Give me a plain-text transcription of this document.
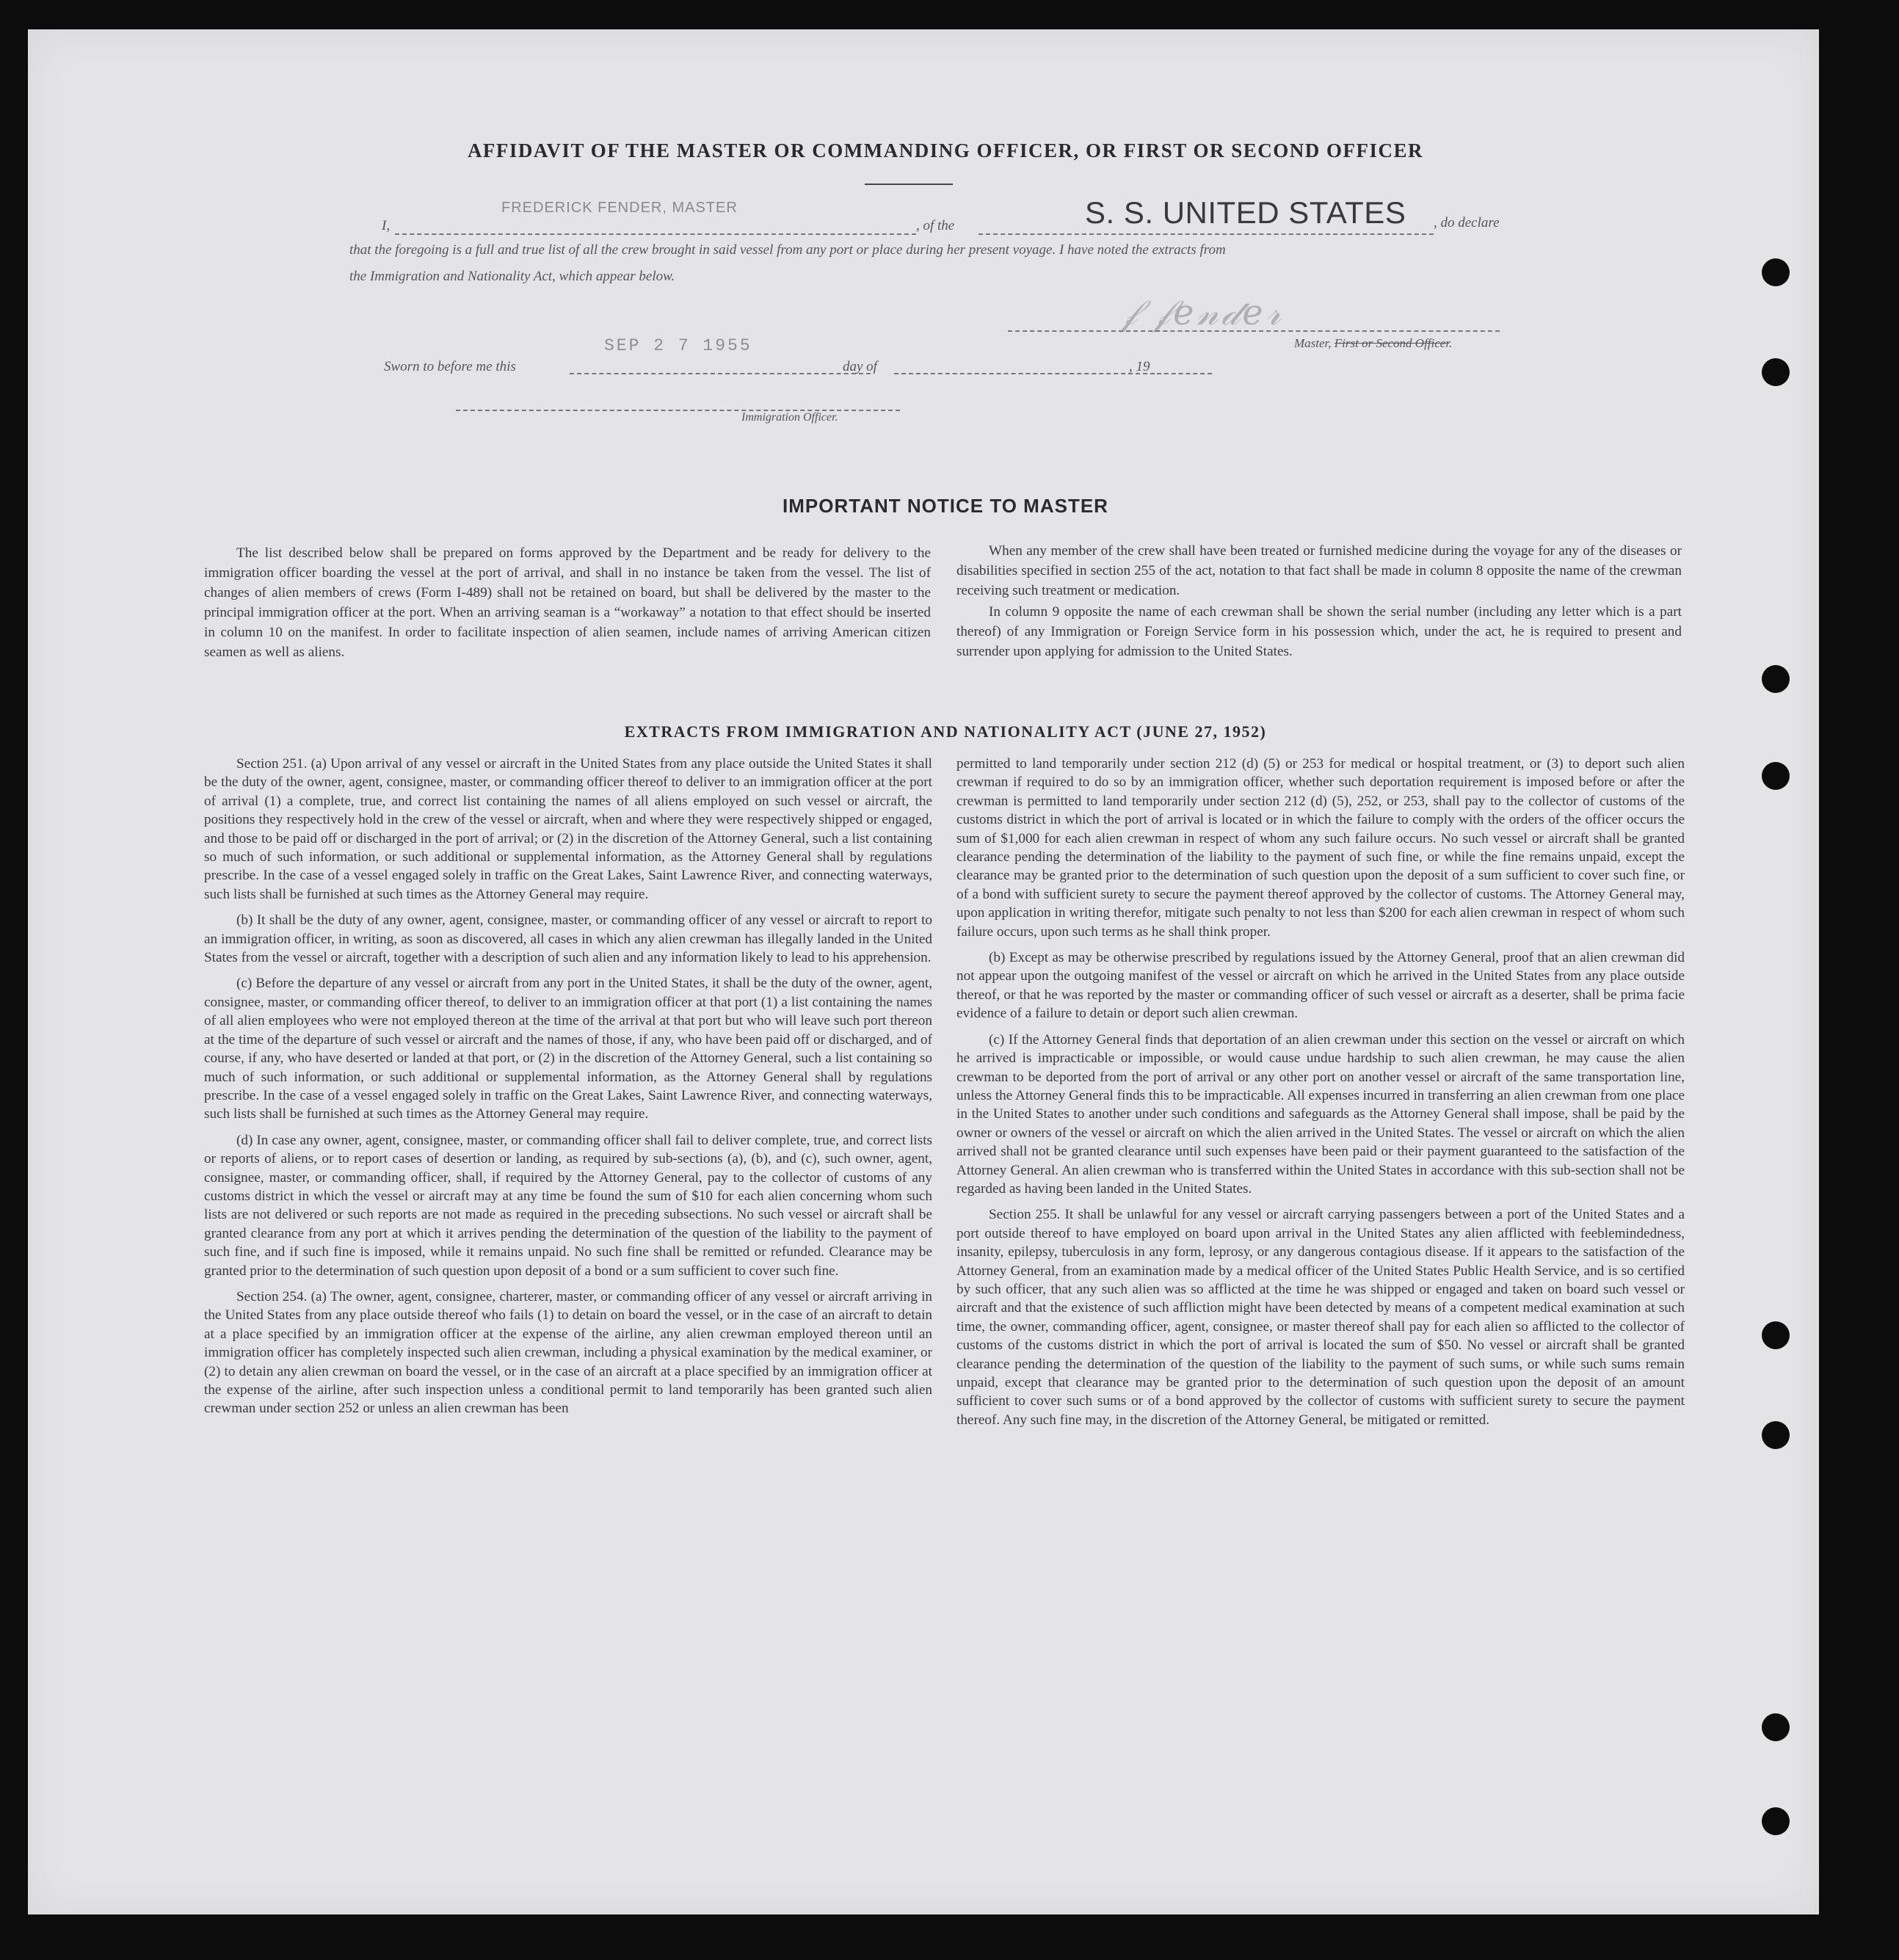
AFFIDAVIT OF THE MASTER OR COMMANDING OFFICER, OR FIRST OR SECOND OFFICER
I,
FREDERICK FENDER, MASTER
, of the	S. S. UNITED STATES , do declare
that the foregoing is a full and true list of all the crew brought in said vessel from any port or place during her present voyage. I have noted the extracts from
the Immigration and Nationality Act, which appear below.
𝒻 𝒻𝑒𝓃𝒹𝑒𝓇
Master, First or Second Officer.
Sworn to before me this
SEP 2 7 1955
day of	, 19
Immigration Officer.
IMPORTANT NOTICE TO MASTER

The list described below shall be prepared on forms approved by the Department and be ready for delivery to the immigration officer boarding the vessel at the port of arrival, and shall in no instance be taken from the vessel. The list of changes of alien members of crews (Form I-489) shall not be retained on board, but shall be delivered by the master to the principal immigration officer at the port. When an arriving seaman is a “workaway” a notation to that effect should be inserted in column 10 on the manifest. In order to facilitate inspection of alien seamen, include names of arriving American citizen seamen as well as aliens.

When any member of the crew shall have been treated or furnished medicine during the voyage for any of the diseases or disabilities specified in section 255 of the act, notation to that fact shall be made in column 8 opposite the name of the crewman receiving such treatment or medication.

In column 9 opposite the name of each crewman shall be shown the serial number (including any letter which is a part thereof) of any Immigration or Foreign Service form in his possession which, under the act, he is required to present and surrender upon applying for admission to the United States.

EXTRACTS FROM IMMIGRATION AND NATIONALITY ACT (JUNE 27, 1952)

Section 251. (a) Upon arrival of any vessel or aircraft in the United States from any place outside the United States it shall be the duty of the owner, agent, consignee, master, or commanding officer thereof to deliver to an immigration officer at the port of arrival (1) a complete, true, and correct list containing the names of all aliens employed on such vessel or aircraft, the positions they respectively hold in the crew of the vessel or aircraft, when and where they were respectively shipped or engaged, and those to be paid off or discharged in the port of arrival; or (2) in the discretion of the Attorney General, such a list containing so much of such information, or such additional or supplemental information, as the Attorney General shall by regulations prescribe. In the case of a vessel engaged solely in traffic on the Great Lakes, Saint Lawrence River, and connecting waterways, such lists shall be furnished at such times as the Attorney General may require.

(b) It shall be the duty of any owner, agent, consignee, master, or commanding officer of any vessel or aircraft to report to an immigration officer, in writing, as soon as discovered, all cases in which any alien crewman has illegally landed in the United States from the vessel or aircraft, together with a description of such alien and any information likely to lead to his apprehension.

(c) Before the departure of any vessel or aircraft from any port in the United States, it shall be the duty of the owner, agent, consignee, master, or commanding officer thereof, to deliver to an immigration officer at that port (1) a list containing the names of all alien employees who were not employed thereon at the time of the arrival at that port but who will leave such port thereon at the time of the departure of such vessel or aircraft and the names of those, if any, who have been paid off or discharged, and of course, if any, who have deserted or landed at that port, or (2) in the discretion of the Attorney General, such a list containing so much of such information, or such additional or supplemental information, as the Attorney General shall by regulations prescribe. In the case of a vessel engaged solely in traffic on the Great Lakes, Saint Lawrence River, and connecting waterways, such lists shall be furnished at such times as the Attorney General may require.

(d) In case any owner, agent, consignee, master, or commanding officer shall fail to deliver complete, true, and correct lists or reports of aliens, or to report cases of desertion or landing, as required by sub-sections (a), (b), and (c), such owner, agent, consignee, master, or commanding officer, shall, if required by the Attorney General, pay to the collector of customs of any customs district in which the vessel or aircraft may at any time be found the sum of $10 for each alien concerning whom such lists are not delivered or such reports are not made as required in the preceding subsections. No such vessel or aircraft shall be granted clearance from any port at which it arrives pending the determination of the question of the liability to the payment of such fine, and if such fine is imposed, while it remains unpaid. No such fine shall be remitted or refunded. Clearance may be granted prior to the determination of such question upon deposit of a bond or a sum sufficient to cover such fine.

Section 254. (a) The owner, agent, consignee, charterer, master, or commanding officer of any vessel or aircraft arriving in the United States from any place outside thereof who fails (1) to detain on board the vessel, or in the case of an aircraft to detain at a place specified by an immigration officer at the expense of the airline, any alien crewman employed thereon until an immigration officer has completely inspected such alien crewman, including a physical examination by the medical examiner, or (2) to detain any alien crewman on board the vessel, or in the case of an aircraft at a place specified by an immigration officer at the expense of the airline, after such inspection unless a conditional permit to land temporarily has been granted such alien crewman under section 252 or unless an alien crewman has been

permitted to land temporarily under section 212 (d) (5) or 253 for medical or hospital treatment, or (3) to deport such alien crewman if required to do so by an immigration officer, whether such deportation requirement is imposed before or after the crewman is permitted to land temporarily under section 212 (d) (5), 252, or 253, shall pay to the collector of customs of the customs district in which the port of arrival is located or in which the failure to comply with the orders of the officer occurs the sum of $1,000 for each alien crewman in respect of whom any such failure occurs. No such vessel or aircraft shall be granted clearance pending the determination of the liability to the payment of such fine, or while the fine remains unpaid, except the clearance may be granted prior to the determination of such question upon the deposit of a sum sufficient to cover such fine, or of a bond with sufficient surety to secure the payment thereof approved by the collector of customs. The Attorney General may, upon application in writing therefor, mitigate such penalty to not less than $200 for each alien crewman in respect of whom such failure occurs, upon such terms as he shall think proper.

(b) Except as may be otherwise prescribed by regulations issued by the Attorney General, proof that an alien crewman did not appear upon the outgoing manifest of the vessel or aircraft on which he arrived in the United States from any place outside thereof, or that he was reported by the master or commanding officer of such vessel or aircraft as a deserter, shall be prima facie evidence of a failure to detain or deport such alien crewman.

(c) If the Attorney General finds that deportation of an alien crewman under this section on the vessel or aircraft on which he arrived is impracticable or impossible, or would cause undue hardship to such alien crewman, he may cause the alien crewman to be deported from the port of arrival or any other port on another vessel or aircraft of the same transportation line, unless the Attorney General finds this to be impracticable. All expenses incurred in transferring an alien crewman from one place in the United States to another under such conditions and safeguards as the Attorney General shall impose, shall be paid by the owner or owners of the vessel or aircraft on which the alien arrived in the United States. The vessel or aircraft on which the alien arrived shall not be granted clearance until such expenses have been paid or their payment guaranteed to the satisfaction of the Attorney General. An alien crewman who is transferred within the United States in accordance with this sub-section shall not be regarded as having been landed in the United States.

Section 255. It shall be unlawful for any vessel or aircraft carrying passengers between a port of the United States and a port outside thereof to have employed on board upon arrival in the United States any alien afflicted with feeblemindedness, insanity, epilepsy, tuberculosis in any form, leprosy, or any dangerous contagious disease. If it appears to the satisfaction of the Attorney General, from an examination made by a medical officer of the United States Public Health Service, and is so certified by such officer, that any such alien was so afflicted at the time he was shipped or engaged and taken on board such vessel or aircraft and that the existence of such affliction might have been detected by means of a competent medical examination at such time, the owner, commanding officer, agent, consignee, or master thereof shall pay for each alien so afflicted to the collector of customs of the customs district in which the port of arrival is located the sum of $50. No vessel or aircraft shall be granted clearance pending the determination of the question of the liability to the payment of such sums, or while such sums remain unpaid, except that clearance may be granted prior to the determination of such question upon the deposit of an amount sufficient to cover such sums or of a bond approved by the collector of customs with sufficient surety to secure the payment thereof. Any such fine may, in the discretion of the Attorney General, be mitigated or remitted.
